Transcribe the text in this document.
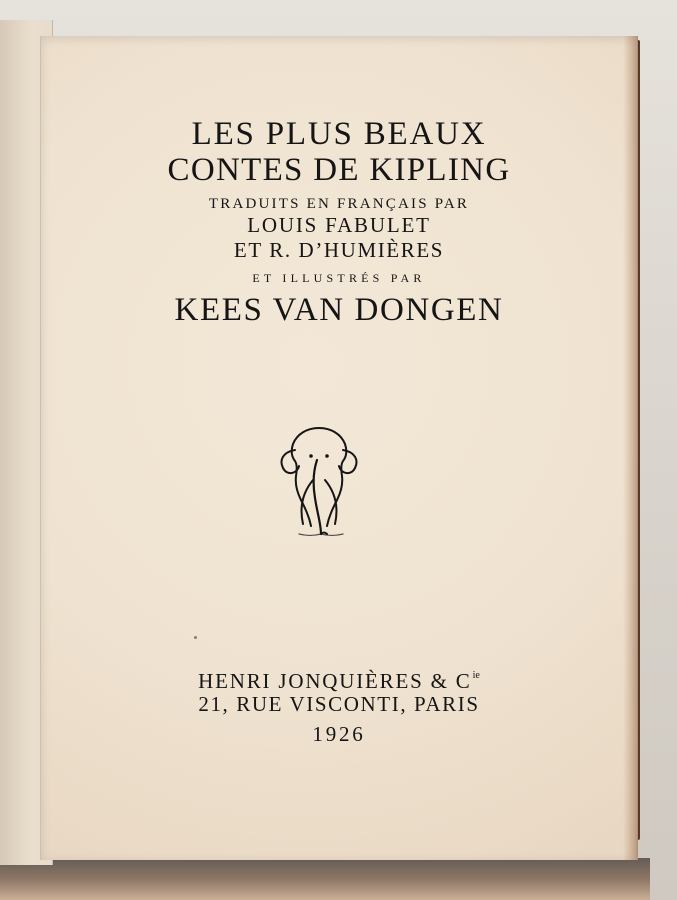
LES PLUS BEAUX
CONTES DE KIPLING
TRADUITS EN FRANÇAIS PAR
LOUIS FABULET
ET R. D’HUMIÈRES
ET ILLUSTRÉS PAR
KEES VAN DONGEN
HENRI JONQUIÈRES & $C^{ie}$
21, RUE VISCONTI, PARIS
1926
